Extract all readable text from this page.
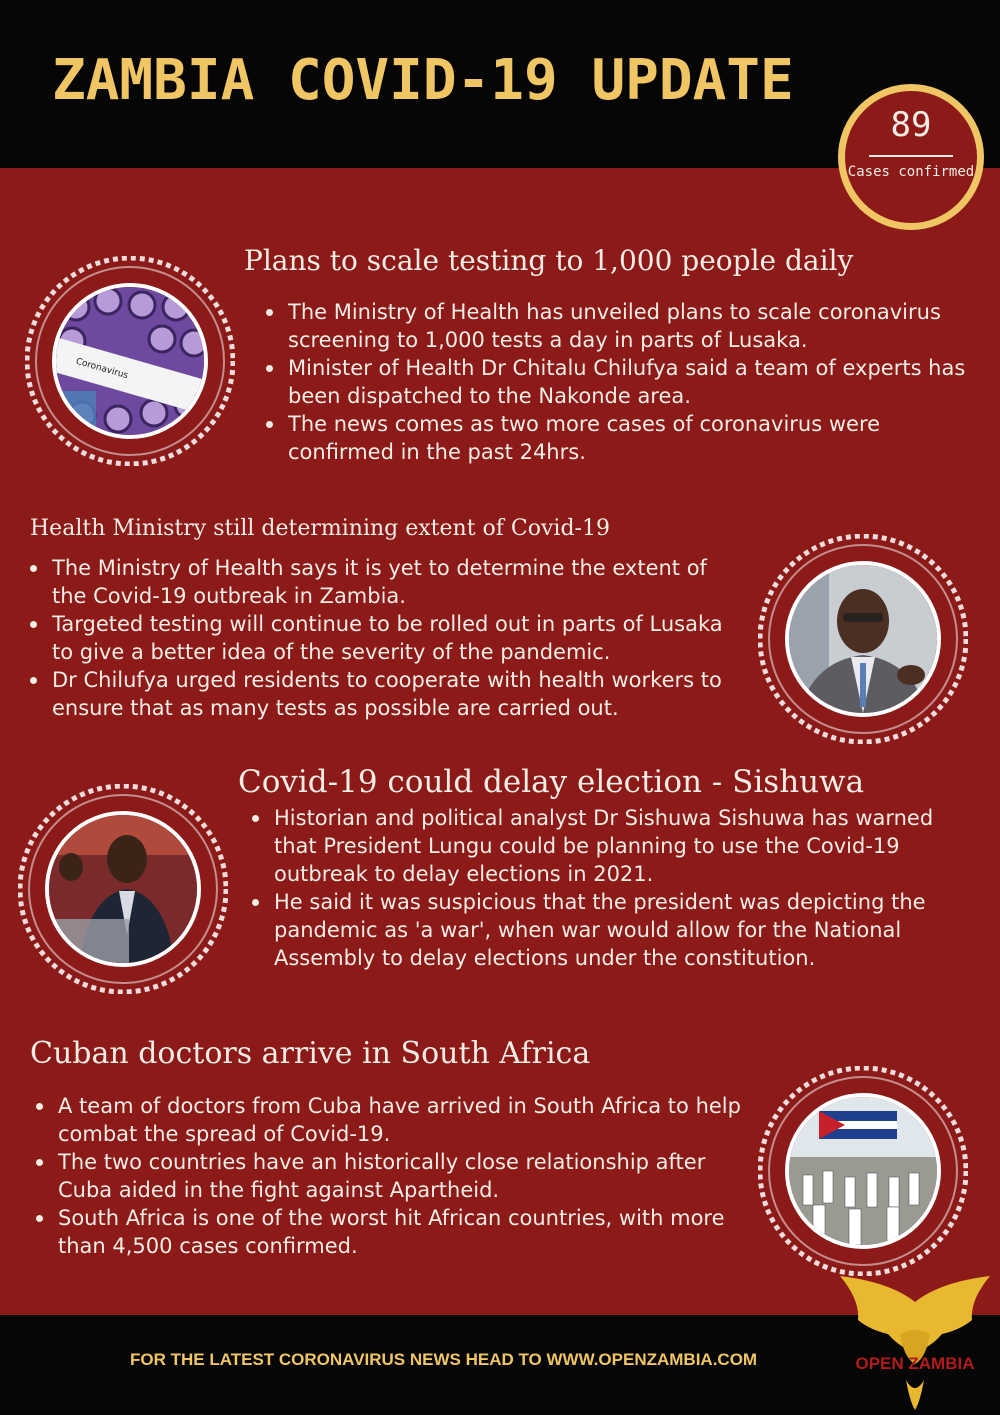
ZAMBIA COVID-19 UPDATE
89
Cases confirmed
Coronavirus
Plans to scale testing to 1,000 people daily
The Ministry of Health has unveiled plans to scale coronavirus screening to 1,000 tests a day in parts of Lusaka.
Minister of Health Dr Chitalu Chilufya said a team of experts has been dispatched to the Nakonde area.
The news comes as two more cases of coronavirus were confirmed in the past 24hrs.
Health Ministry still determining extent of Covid-19
The Ministry of Health says it is yet to determine the extent of the Covid-19 outbreak in Zambia.
Targeted testing will continue to be rolled out in parts of Lusaka to give a better idea of the severity of the pandemic.
Dr Chilufya urged residents to cooperate with health workers to ensure that as many tests as possible are carried out.
Covid-19 could delay election - Sishuwa
Historian and political analyst Dr Sishuwa Sishuwa has warned that President Lungu could be planning to use the Covid-19 outbreak to delay elections in 2021.
He said it was suspicious that the president was depicting the pandemic as 'a war', when war would allow for the National Assembly to delay elections under the constitution.
Cuban doctors arrive in South Africa
A team of doctors from Cuba have arrived in South Africa to help combat the spread of Covid-19.
The two countries have an historically close relationship after Cuba aided in the fight against Apartheid.
South Africa is one of the worst hit African countries, with more than 4,500 cases confirmed.

FOR THE LATEST CORONAVIRUS NEWS HEAD TO WWW.OPENZAMBIA.COM	OPEN ZAMBIA
